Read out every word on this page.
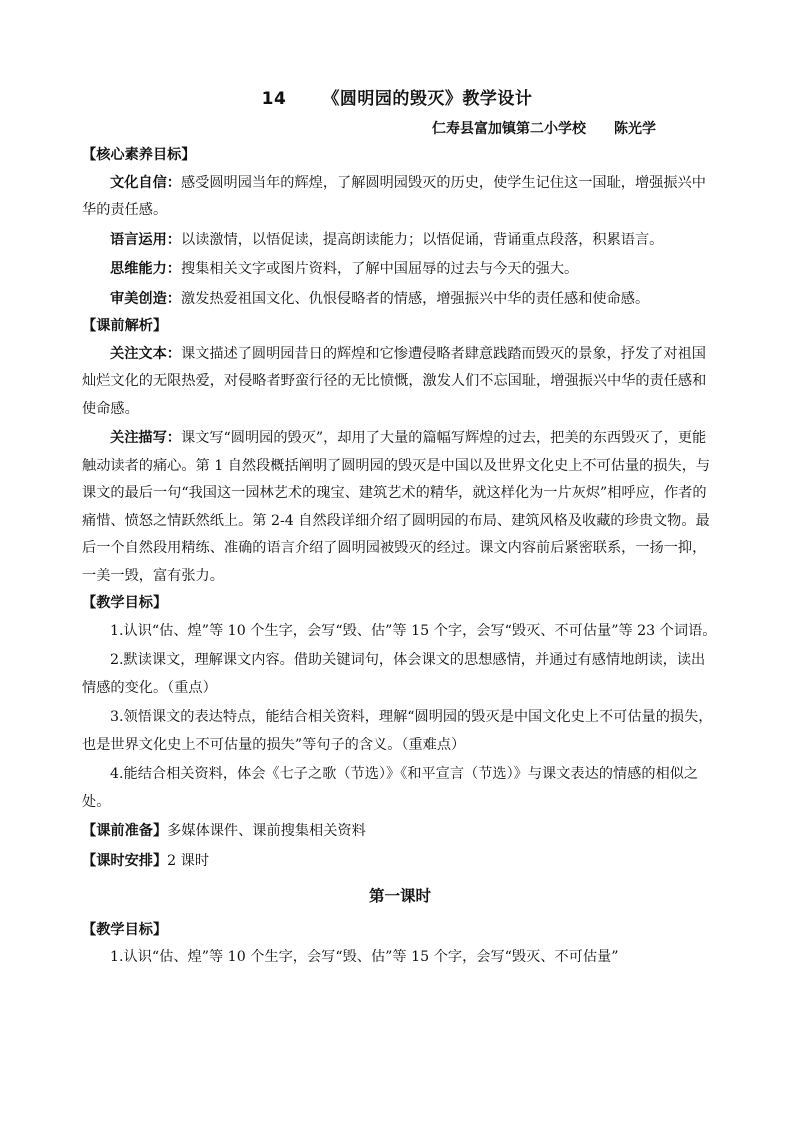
14 《圆明园的毁灭》教学设计
仁寿县富加镇第二小学校 陈光学

【核心素养目标】

文化自信：感受圆明园当年的辉煌，了解圆明园毁灭的历史，使学生记住这一国耻，增强振兴中华的责任感。

语言运用：以读激情，以悟促读，提高朗读能力；以悟促诵，背诵重点段落，积累语言。

思维能力：搜集相关文字或图片资料，了解中国屈辱的过去与今天的强大。

审美创造：激发热爱祖国文化、仇恨侵略者的情感，增强振兴中华的责任感和使命感。

【课前解析】

关注文本：课文描述了圆明园昔日的辉煌和它惨遭侵略者肆意践踏而毁灭的景象，抒发了对祖国灿烂文化的无限热爱，对侵略者野蛮行径的无比愤慨，激发人们不忘国耻，增强振兴中华的责任感和使命感。

关注描写：课文写“圆明园的毁灭”，却用了大量的篇幅写辉煌的过去，把美的东西毁灭了，更能触动读者的痛心。第 1 自然段概括阐明了圆明园的毁灭是中国以及世界文化史上不可估量的损失，与课文的最后一句“我国这一园林艺术的瑰宝、建筑艺术的精华，就这样化为一片灰烬”相呼应，作者的痛惜、愤怒之情跃然纸上。第 2-4 自然段详细介绍了圆明园的布局、建筑风格及收藏的珍贵文物。最后一个自然段用精练、准确的语言介绍了圆明园被毁灭的经过。课文内容前后紧密联系，一扬一抑，一美一毁，富有张力。

【教学目标】

1.认识“估、煌”等 10 个生字，会写“毁、估”等 15 个字，会写“毁灭、不可估量”等 23 个词语。

2.默读课文，理解课文内容。借助关键词句，体会课文的思想感情，并通过有感情地朗读，读出情感的变化。（重点）

3.领悟课文的表达特点，能结合相关资料，理解“圆明园的毁灭是中国文化史上不可估量的损失，也是世界文化史上不可估量的损失”等句子的含义。（重难点）

4.能结合相关资料，体会《七子之歌（节选）》《和平宣言（节选）》与课文表达的情感的相似之处。

【课前准备】多媒体课件、课前搜集相关资料

【课时安排】2 课时

第一课时

【教学目标】

1.认识“估、煌”等 10 个生字，会写“毁、估”等 15 个字，会写“毁灭、不可估量”
